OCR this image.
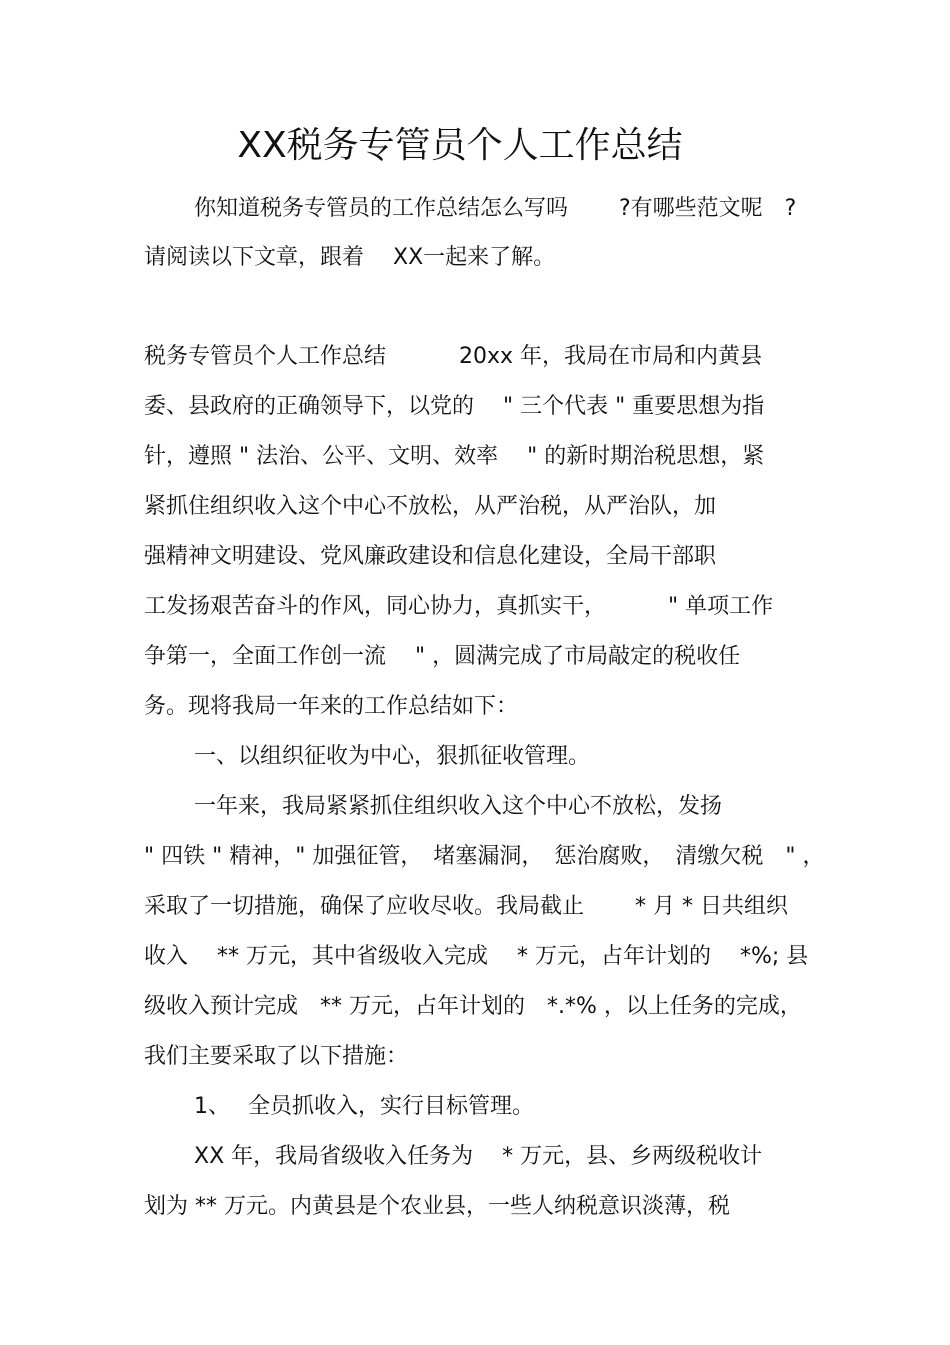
XX税务专管员个人工作总结

你知道税务专管员的工作总结怎么写吗　　 ?有哪些范文呢　?

请阅读以下文章，跟着　 XX一起来了解。

税务专管员个人工作总结　　　 20xx 年，我局在市局和内黄县

委、县政府的正确领导下，以党的　 " 三个代表 " 重要思想为指

针，遵照 " 法治、公平、文明、效率　 " 的新时期治税思想，紧

紧抓住组织收入这个中心不放松，从严治税，从严治队，加

强精神文明建设、党风廉政建设和信息化建设，全局干部职

工发扬艰苦奋斗的作风，同心协力，真抓实干，　　　 " 单项工作

争第一，全面工作创一流　 " ，圆满完成了市局敲定的税收任

务。现将我局一年来的工作总结如下：

一、以组织征收为中心，狠抓征收管理。

一年来，我局紧紧抓住组织收入这个中心不放松，发扬

" 四铁 " 精神，" 加强征管，　堵塞漏洞，　惩治腐败，　清缴欠税　" ，

采取了一切措施，确保了应收尽收。我局截止　　 * 月 * 日共组织

收入　 ** 万元，其中省级收入完成　 * 万元，占年计划的　 *%; 县

级收入预计完成　** 万元，占年计划的　*.*% ，以上任务的完成，

我们主要采取了以下措施：

1、　 全员抓收入，实行目标管理。

XX 年，我局省级收入任务为　 * 万元，县、乡两级税收计

划为 ** 万元。内黄县是个农业县，一些人纳税意识淡薄，税
